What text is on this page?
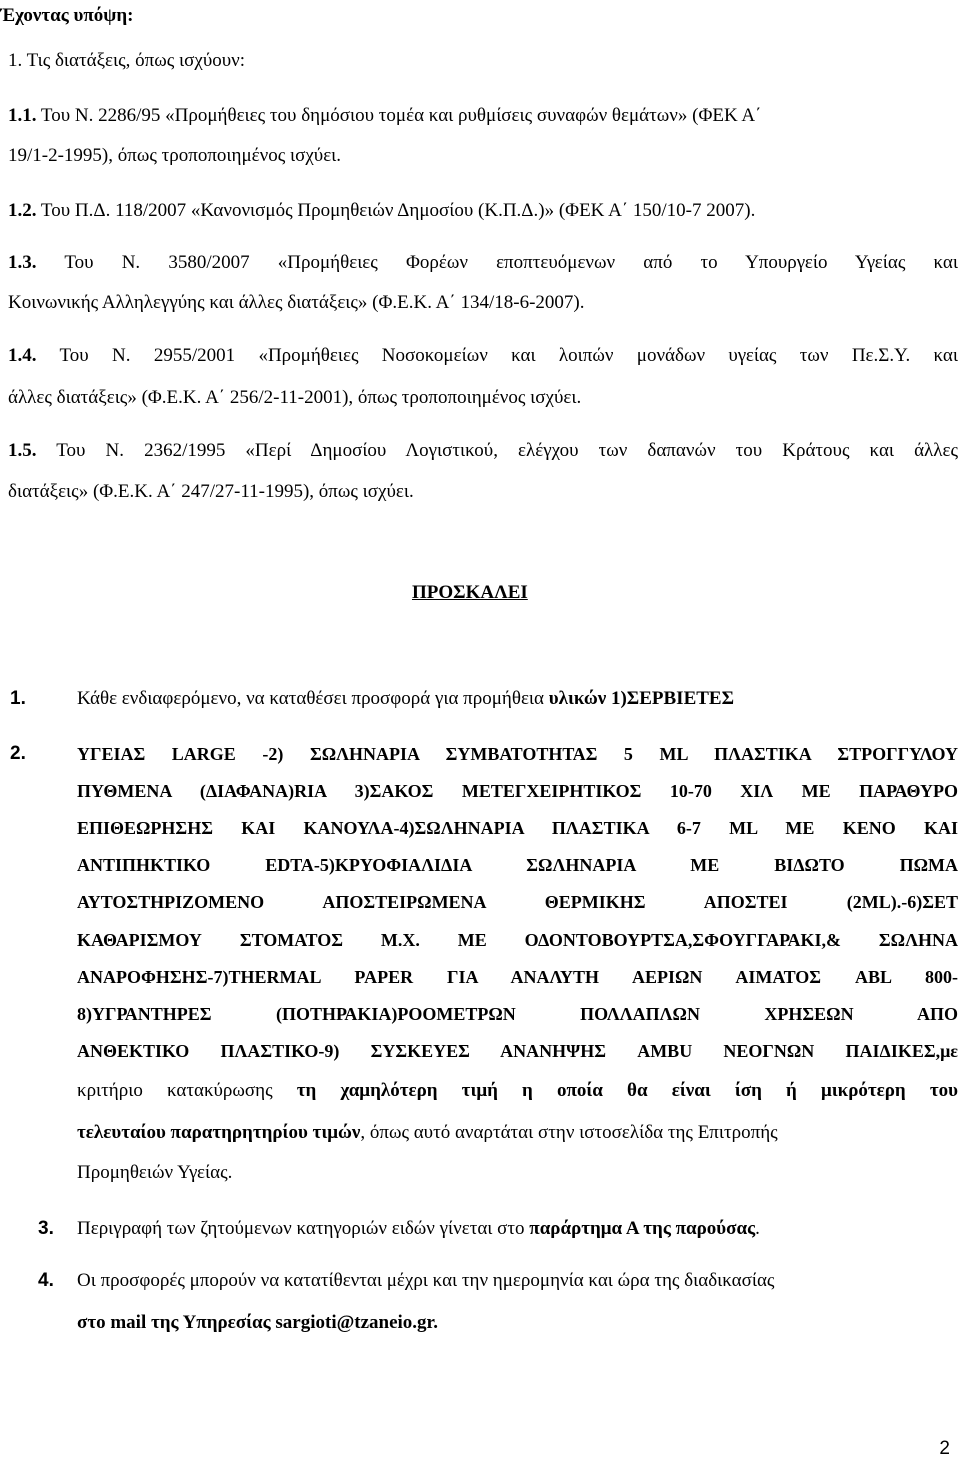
Έχοντας υπόψη:
1. Τις διατάξεις, όπως ισχύουν:
1.1. Του Ν. 2286/95 «Προμήθειες του δημόσιου τομέα και ρυθμίσεις συναφών θεμάτων» (ΦΕΚ Α΄
19/1-2-1995), όπως τροποποιημένος ισχύει.
1.2. Του Π.Δ. 118/2007 «Κανονισμός Προμηθειών Δημοσίου (Κ.Π.Δ.)» (ΦΕΚ Α΄ 150/10-7 2007).
1.3. Του Ν. 3580/2007 «Προμήθειες Φορέων εποπτευόμενων από το Υπουργείο Υγείας και
Κοινωνικής Αλληλεγγύης και άλλες διατάξεις» (Φ.Ε.Κ. Α΄ 134/18-6-2007).
1.4. Του Ν. 2955/2001 «Προμήθειες Νοσοκομείων και λοιπών μονάδων υγείας των Πε.Σ.Υ. και
άλλες διατάξεις» (Φ.Ε.Κ. Α΄ 256/2-11-2001), όπως τροποποιημένος ισχύει.
1.5. Του Ν. 2362/1995 «Περί Δημοσίου Λογιστικού, ελέγχου των δαπανών του Κράτους και άλλες
διατάξεις» (Φ.Ε.Κ. Α΄ 247/27-11-1995), όπως ισχύει.
ΠΡΟΣΚΑΛΕΙ
1.	Κάθε ενδιαφερόμενο, να καταθέσει προσφορά για προμήθεια υλικών 1)ΣΕΡΒΙΕΤΕΣ
2.	ΥΓΕΙΑΣ LARGE -2) ΣΩΛΗΝΑΡΙΑ ΣΥΜΒΑΤΟΤΗΤΑΣ 5 ML ΠΛΑΣΤΙΚΑ ΣΤΡΟΓΓΥΛΟΥ
ΠΥΘΜΕΝΑ (ΔΙΑΦΑΝΑ)RIA 3)ΣΑΚΟΣ ΜΕΤΕΓΧΕΙΡΗΤΙΚΟΣ 10-70 ΧΙΛ ΜΕ ΠΑΡΑΘΥΡΟ
ΕΠΙΘΕΩΡΗΣΗΣ ΚΑΙ ΚΑΝΟΥΛΑ-4)ΣΩΛΗΝΑΡΙΑ ΠΛΑΣΤΙΚΑ 6-7 ML ΜΕ ΚΕΝΟ ΚΑΙ
ΑΝΤΙΠΗΚΤΙΚΟ EDTA-5)ΚΡΥΟΦΙΑΛΙΔΙΑ ΣΩΛΗΝΑΡΙΑ ΜΕ ΒΙΔΩΤΟ ΠΩΜΑ
ΑΥΤΟΣΤΗΡΙΖΟΜΕΝΟ ΑΠΟΣΤΕΙΡΩΜΕΝΑ ΘΕΡΜΙΚΗΣ ΑΠΟΣΤΕΙ (2ML).-6)ΣΕΤ
ΚΑΘΑΡΙΣΜΟΥ ΣΤΟΜΑΤΟΣ Μ.Χ. ΜΕ ΟΔΟΝΤΟΒΟΥΡΤΣΑ,ΣΦΟΥΓΓΑΡΑΚΙ,& ΣΩΛΗΝΑ
ΑΝΑΡΟΦΗΣΗΣ-7)THERMAL PAPER ΓΙΑ ΑΝΑΛΥΤΗ ΑΕΡΙΩΝ ΑΙΜΑΤΟΣ ABL 800-
8)ΥΓΡΑΝΤΗΡΕΣ (ΠΟΤΗΡΑΚΙΑ)ΡΟΟΜΕΤΡΩΝ ΠΟΛΛΑΠΛΩΝ ΧΡΗΣΕΩΝ ΑΠΟ
ΑΝΘΕΚΤΙΚΟ ΠΛΑΣΤΙΚΟ-9) ΣΥΣΚΕΥΕΣ ΑΝΑΝΗΨΗΣ AMBU ΝΕΟΓΝΩΝ ΠΑΙΔΙΚΕΣ,με
κριτήριο κατακύρωσης τη χαμηλότερη τιμή η οποία θα είναι ίση ή μικρότερη του
τελευταίου παρατηρητηρίου τιμών, όπως αυτό αναρτάται στην ιστοσελίδα της Επιτροπής
Προμηθειών Υγείας.
3. Περιγραφή των ζητούμενων κατηγοριών ειδών γίνεται στο παράρτημα Α της παρούσας.
4. Οι προσφορές μπορούν να κατατίθενται μέχρι και την ημερομηνία και ώρα της διαδικασίας
στο mail της Υπηρεσίας sargioti@tzaneio.gr.
2
